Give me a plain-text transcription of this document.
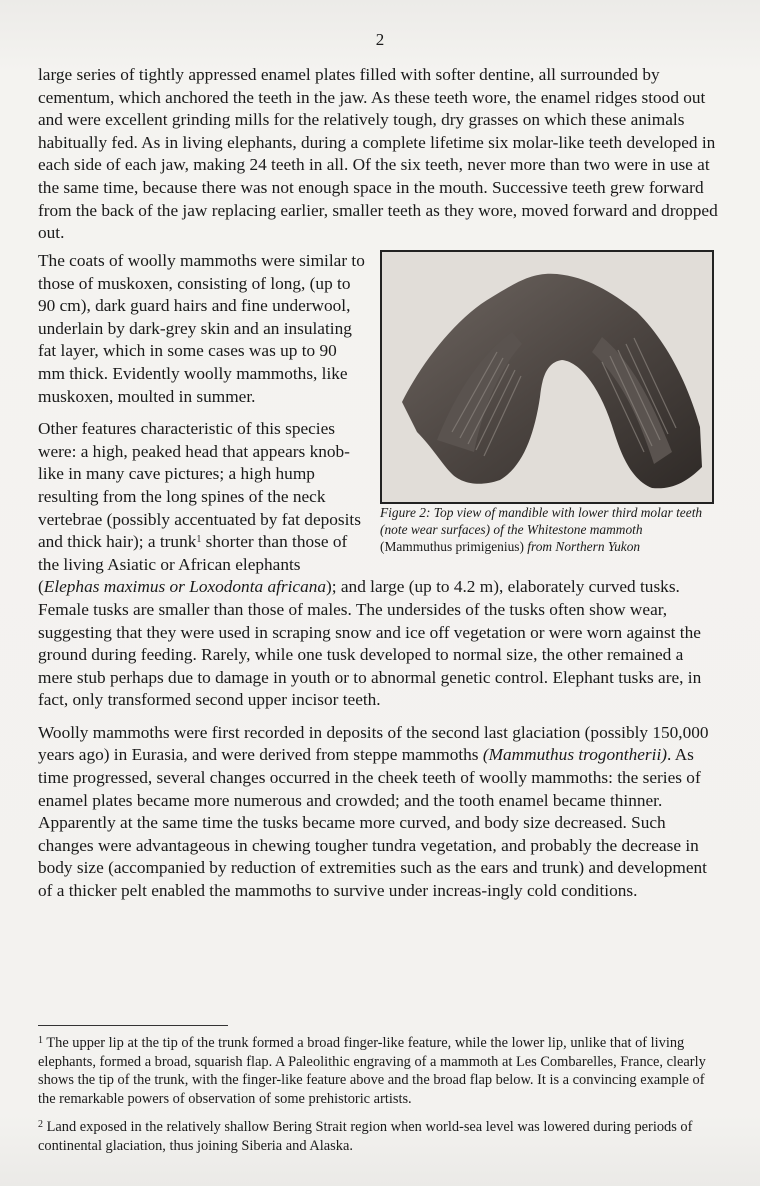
2

large series of tightly appressed enamel plates filled with softer dentine, all surrounded by cementum, which anchored the teeth in the jaw. As these teeth wore, the enamel ridges stood out and were excellent grinding mills for the relatively tough, dry grasses on which these animals habitually fed. As in living elephants, during a complete lifetime six molar-like teeth developed in each side of each jaw, making 24 teeth in all. Of the six teeth, never more than two were in use at the same time, because there was not enough space in the mouth. Successive teeth grew forward from the back of the jaw replacing earlier, smaller teeth as they wore, moved forward and dropped out.

Figure 2: Top view of mandible with lower third molar teeth (note wear surfaces) of the Whitestone mammoth (Mammuthus primigenius) from Northern Yukon

The coats of woolly mammoths were similar to those of muskoxen, consisting of long, (up to 90 cm), dark guard hairs and fine underwool, underlain by dark-grey skin and an insulating fat layer, which in some cases was up to 90 mm thick. Evidently woolly mammoths, like muskoxen, moulted in summer.

Other features characteristic of this species were: a high, peaked head that appears knob-like in many cave pictures; a high hump resulting from the long spines of the neck vertebrae (possibly accentuated by fat deposits and thick hair); a trunk$^1$ shorter than those of the living Asiatic or African elephants (Elephas maximus or Loxodonta africana); and large (up to 4.2 m), elaborately curved tusks. Female tusks are smaller than those of males. The undersides of the tusks often show wear, suggesting that they were used in scraping snow and ice off vegetation or were worn against the ground during feeding. Rarely, while one tusk developed to normal size, the other remained a mere stub perhaps due to damage in youth or to abnormal genetic control. Elephant tusks are, in fact, only transformed second upper incisor teeth.

Woolly mammoths were first recorded in deposits of the second last glaciation (possibly 150,000 years ago) in Eurasia, and were derived from steppe mammoths (Mammuthus trogontherii). As time progressed, several changes occurred in the cheek teeth of woolly mammoths: the series of enamel plates became more numerous and crowded; and the tooth enamel became thinner. Apparently at the same time the tusks became more curved, and body size decreased. Such changes were advantageous in chewing tougher tundra vegetation, and probably the decrease in body size (accompanied by reduction of extremities such as the ears and trunk) and development of a thicker pelt enabled the mammoths to survive under increas-ingly cold conditions.

$^1$ The upper lip at the tip of the trunk formed a broad finger-like feature, while the lower lip, unlike that of living elephants, formed a broad, squarish flap. A Paleolithic engraving of a mammoth at Les Combarelles, France, clearly shows the tip of the trunk, with the finger-like feature above and the broad flap below. It is a convincing example of the remarkable powers of observation of some prehistoric artists.

$^2$ Land exposed in the relatively shallow Bering Strait region when world-sea level was lowered during periods of continental glaciation, thus joining Siberia and Alaska.
